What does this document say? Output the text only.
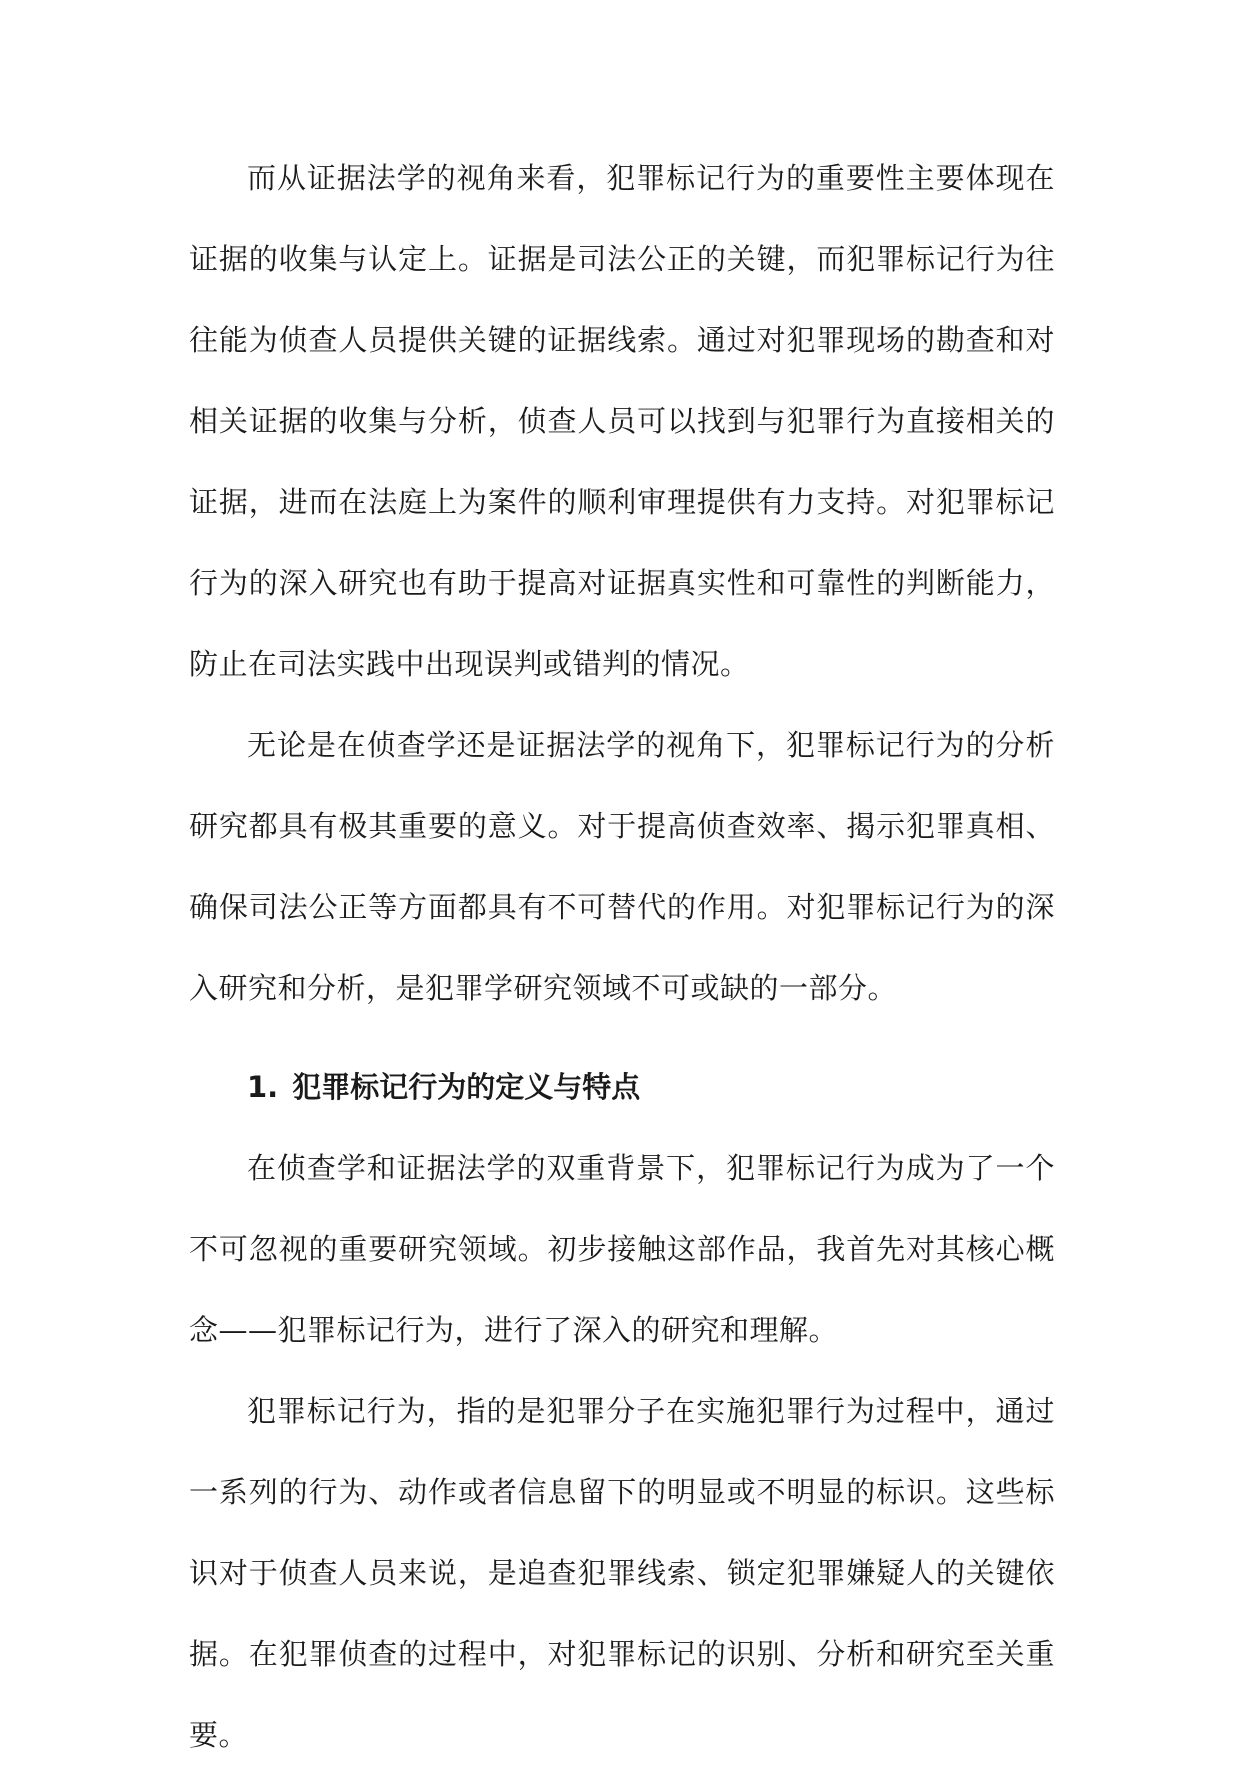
而从证据法学的视角来看，犯罪标记行为的重要性主要体现在证据的收集与认定上。证据是司法公正的关键，而犯罪标记行为往往能为侦查人员提供关键的证据线索。通过对犯罪现场的勘查和对相关证据的收集与分析，侦查人员可以找到与犯罪行为直接相关的证据，进而在法庭上为案件的顺利审理提供有力支持。对犯罪标记行为的深入研究也有助于提高对证据真实性和可靠性的判断能力，防止在司法实践中出现误判或错判的情况。

无论是在侦查学还是证据法学的视角下，犯罪标记行为的分析研究都具有极其重要的意义。对于提高侦查效率、揭示犯罪真相、确保司法公正等方面都具有不可替代的作用。对犯罪标记行为的深入研究和分析，是犯罪学研究领域不可或缺的一部分。

1. 犯罪标记行为的定义与特点

在侦查学和证据法学的双重背景下，犯罪标记行为成为了一个不可忽视的重要研究领域。初步接触这部作品，我首先对其核心概念——犯罪标记行为，进行了深入的研究和理解。

犯罪标记行为，指的是犯罪分子在实施犯罪行为过程中，通过一系列的行为、动作或者信息留下的明显或不明显的标识。这些标识对于侦查人员来说，是追查犯罪线索、锁定犯罪嫌疑人的关键依据。在犯罪侦查的过程中，对犯罪标记的识别、分析和研究至关重要。
